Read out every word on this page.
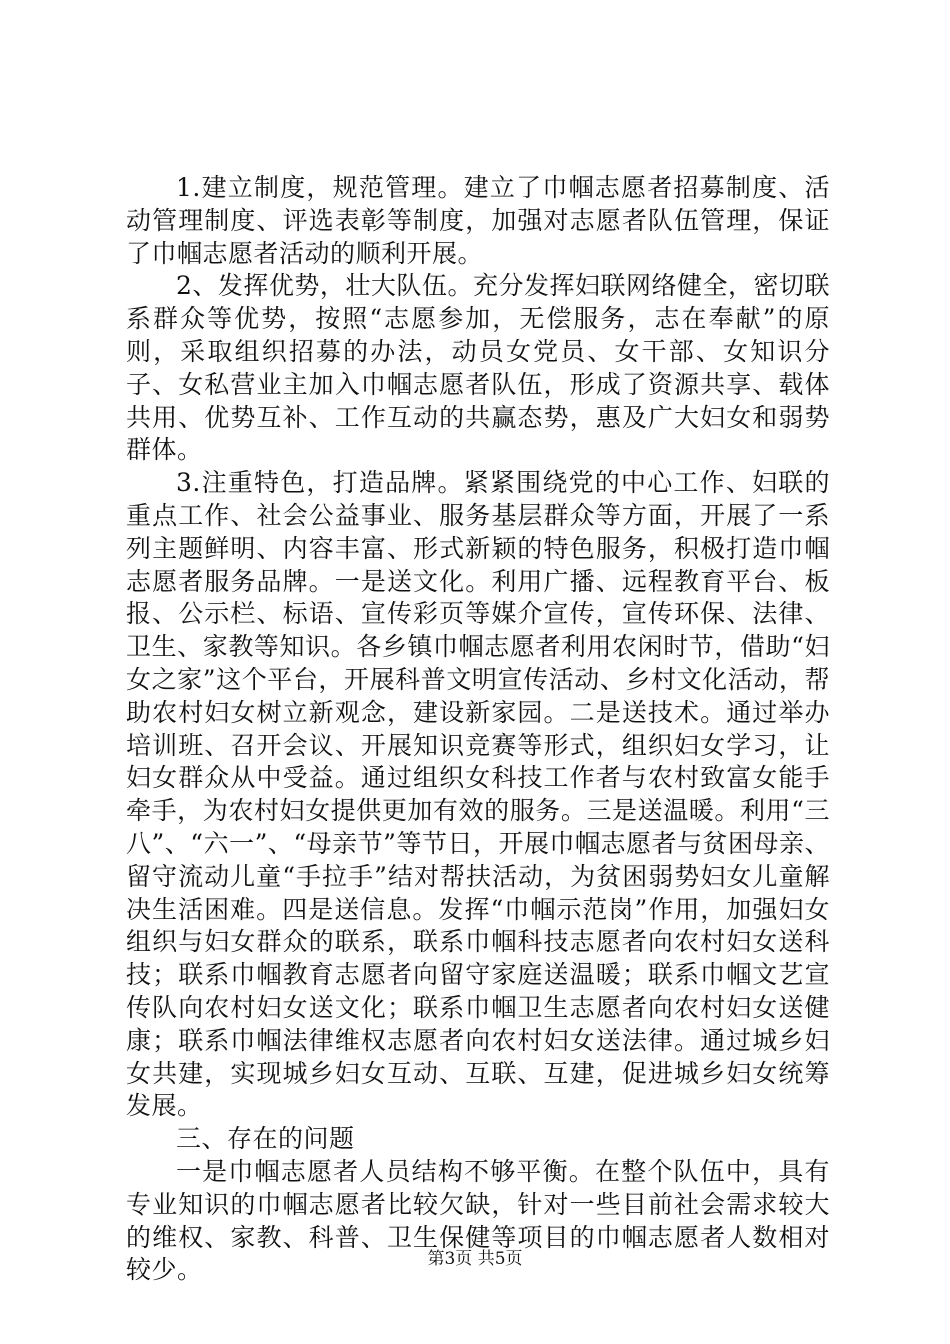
1.建立制度，规范管理。建立了巾帼志愿者招募制度、活动管理制度、评选表彰等制度，加强对志愿者队伍管理，保证了巾帼志愿者活动的顺利开展。

2、发挥优势，壮大队伍。充分发挥妇联网络健全，密切联系群众等优势，按照“志愿参加，无偿服务，志在奉献”的原则，采取组织招募的办法，动员女党员、女干部、女知识分子、女私营业主加入巾帼志愿者队伍，形成了资源共享、载体共用、优势互补、工作互动的共赢态势，惠及广大妇女和弱势群体。

3.注重特色，打造品牌。紧紧围绕党的中心工作、妇联的重点工作、社会公益事业、服务基层群众等方面，开展了一系列主题鲜明、内容丰富、形式新颖的特色服务，积极打造巾帼志愿者服务品牌。一是送文化。利用广播、远程教育平台、板报、公示栏、标语、宣传彩页等媒介宣传，宣传环保、法律、卫生、家教等知识。各乡镇巾帼志愿者利用农闲时节，借助“妇女之家”这个平台，开展科普文明宣传活动、乡村文化活动，帮助农村妇女树立新观念，建设新家园。二是送技术。通过举办培训班、召开会议、开展知识竞赛等形式，组织妇女学习，让妇女群众从中受益。通过组织女科技工作者与农村致富女能手牵手，为农村妇女提供更加有效的服务。三是送温暖。利用“三八”、“六一”、“母亲节”等节日，开展巾帼志愿者与贫困母亲、留守流动儿童“手拉手”结对帮扶活动，为贫困弱势妇女儿童解决生活困难。四是送信息。发挥“巾帼示范岗”作用，加强妇女组织与妇女群众的联系，联系巾帼科技志愿者向农村妇女送科技；联系巾帼教育志愿者向留守家庭送温暖；联系巾帼文艺宣传队向农村妇女送文化；联系巾帼卫生志愿者向农村妇女送健康；联系巾帼法律维权志愿者向农村妇女送法律。通过城乡妇女共建，实现城乡妇女互动、互联、互建，促进城乡妇女统筹发展。

三、存在的问题

一是巾帼志愿者人员结构不够平衡。在整个队伍中，具有专业知识的巾帼志愿者比较欠缺，针对一些目前社会需求较大的维权、家教、科普、卫生保健等项目的巾帼志愿者人数相对较少。	第3页 共5页
